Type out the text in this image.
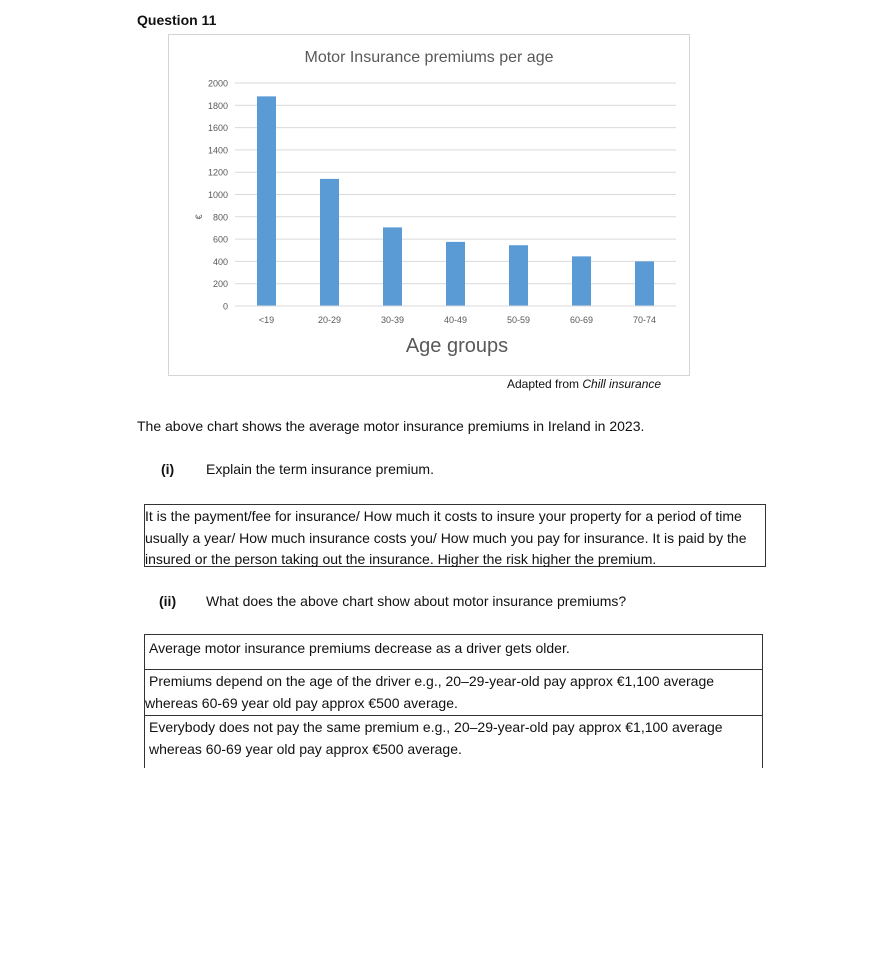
Question 11
Motor Insurance premiums per age
0
200
400
600
800
1000
1200
1400
1600
1800
2000
€
<19	20-29	30-39	40-49	50-59	60-69	70-74
Age groups
Adapted from Chill insurance
The above chart shows the average motor insurance premiums in Ireland in 2023.
(i) Explain the term insurance premium.
It is the payment/fee for insurance/ How much it costs to insure your property for a period of time
usually a year/ How much insurance costs you/ How much you pay for insurance. It is paid by the
insured or the person taking out the insurance. Higher the risk higher the premium.
(ii) What does the above chart show about motor insurance premiums?
Average motor insurance premiums decrease as a driver gets older.
Premiums depend on the age of the driver e.g., 20–29-year-old pay approx €1,100 average
whereas 60-69 year old pay approx €500 average.
Everybody does not pay the same premium e.g., 20–29-year-old pay approx €1,100 average
whereas 60-69 year old pay approx €500 average.
